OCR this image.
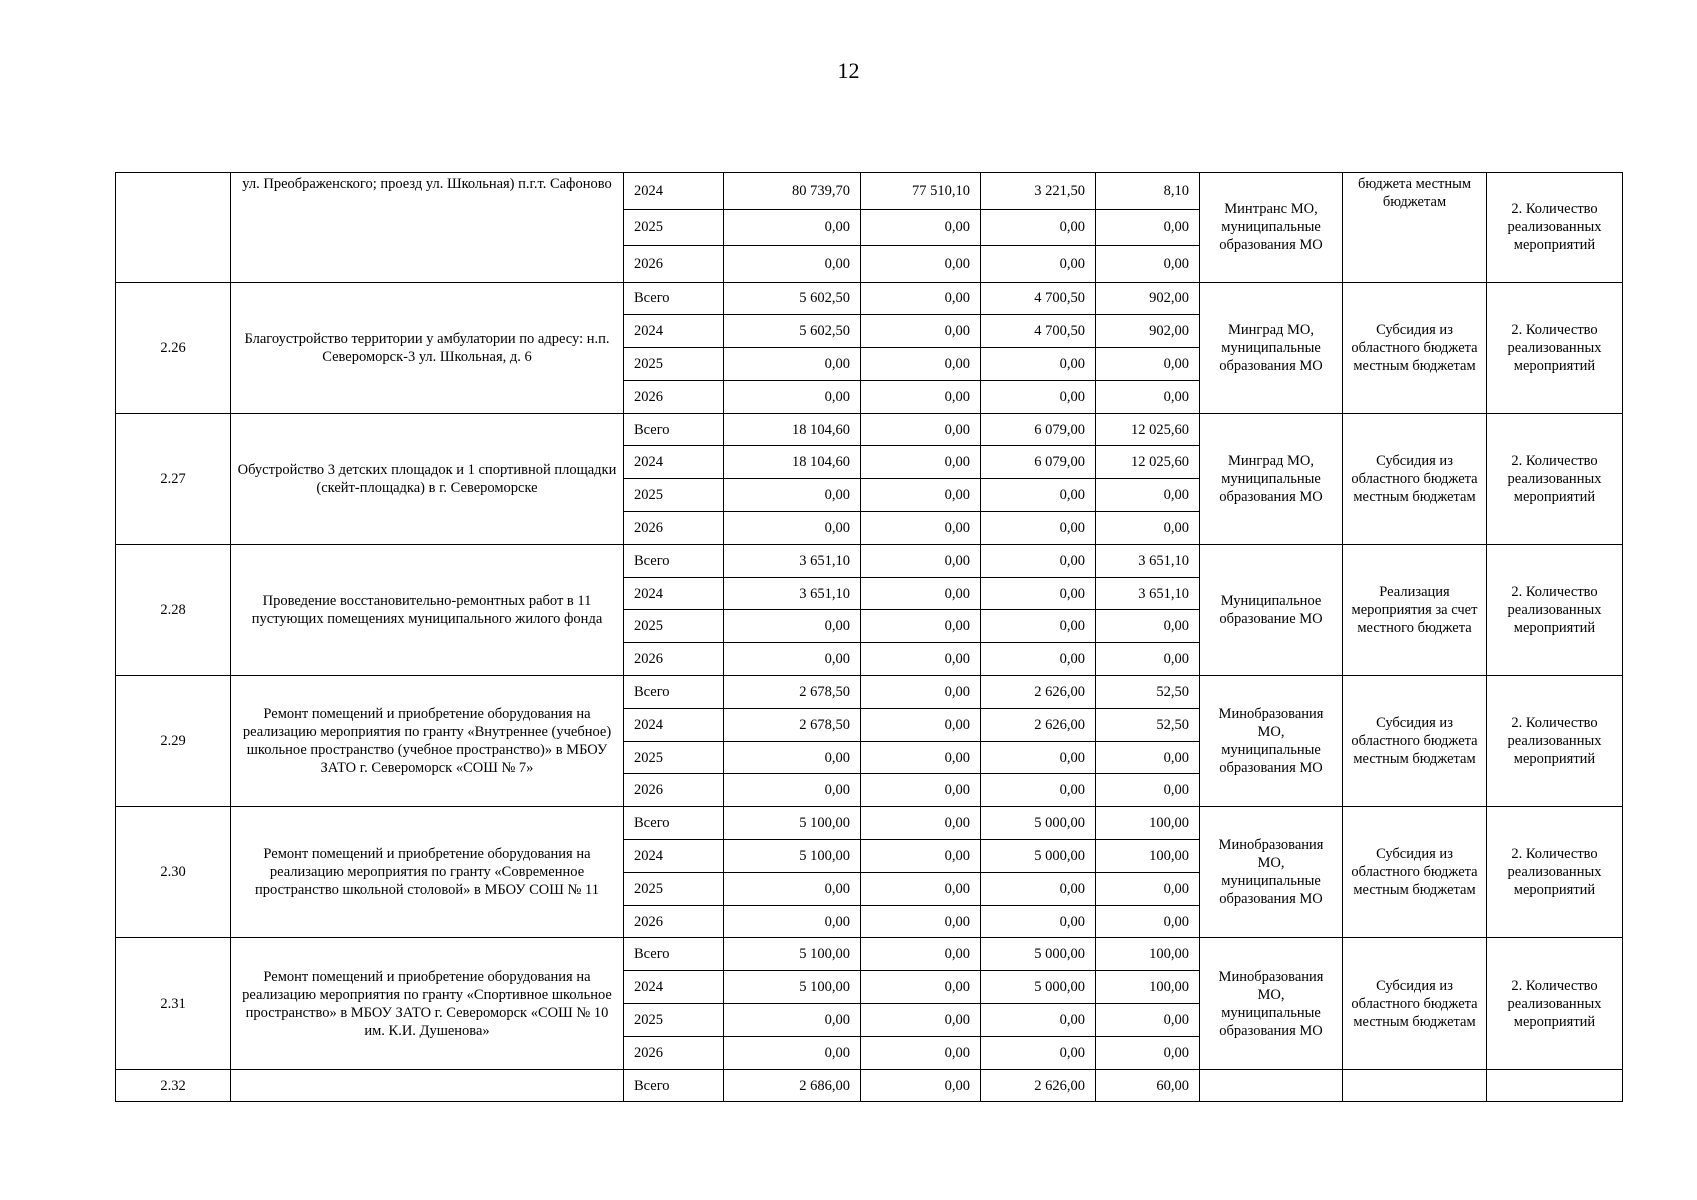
12
	ул. Преображенского; проезд ул. Школьная) п.г.т. Сафоново	2024	80 739,70	77 510,10	3 221,50	8,10	Минтранс МО, муниципальные образования МО	бюджета местным бюджетам	2. Количество реализованных мероприятий
		2025	0,00	0,00	0,00	0,00			
		2026	0,00	0,00	0,00	0,00			
2.26	Благоустройство территории у амбулатории по адресу: н.п. Североморск-3 ул. Школьная, д. 6	Всего	5 602,50	0,00	4 700,50	902,00	Минград МО, муниципальные образования МО	Субсидия из областного бюджета местным бюджетам	2. Количество реализованных мероприятий
		2024	5 602,50	0,00	4 700,50	902,00			
		2025	0,00	0,00	0,00	0,00			
		2026	0,00	0,00	0,00	0,00			
2.27	Обустройство 3 детских площадок и 1 спортивной площадки (скейт-площадка) в г. Североморске	Всего	18 104,60	0,00	6 079,00	12 025,60	Минград МО, муниципальные образования МО	Субсидия из областного бюджета местным бюджетам	2. Количество реализованных мероприятий
		2024	18 104,60	0,00	6 079,00	12 025,60			
		2025	0,00	0,00	0,00	0,00			
		2026	0,00	0,00	0,00	0,00			
2.28	Проведение восстановительно-ремонтных работ в 11 пустующих помещениях муниципального жилого фонда	Всего	3 651,10	0,00	0,00	3 651,10	Муниципальное образование МО	Реализация мероприятия за счет местного бюджета	2. Количество реализованных мероприятий
		2024	3 651,10	0,00	0,00	3 651,10			
		2025	0,00	0,00	0,00	0,00			
		2026	0,00	0,00	0,00	0,00			
2.29	Ремонт помещений и приобретение оборудования на реализацию мероприятия по гранту «Внутреннее (учебное) школьное пространство (учебное пространство)» в МБОУ ЗАТО г. Североморск «СОШ № 7»	Всего	2 678,50	0,00	2 626,00	52,50	Минобразования МО, муниципальные образования МО	Субсидия из областного бюджета местным бюджетам	2. Количество реализованных мероприятий
		2024	2 678,50	0,00	2 626,00	52,50			
		2025	0,00	0,00	0,00	0,00			
		2026	0,00	0,00	0,00	0,00			
2.30	Ремонт помещений и приобретение оборудования на реализацию мероприятия по гранту «Современное пространство школьной столовой» в МБОУ СОШ № 11	Всего	5 100,00	0,00	5 000,00	100,00	Минобразования МО, муниципальные образования МО	Субсидия из областного бюджета местным бюджетам	2. Количество реализованных мероприятий
		2024	5 100,00	0,00	5 000,00	100,00			
		2025	0,00	0,00	0,00	0,00			
		2026	0,00	0,00	0,00	0,00			
2.31	Ремонт помещений и приобретение оборудования на реализацию мероприятия по гранту «Спортивное школьное пространство» в МБОУ ЗАТО г. Североморск «СОШ № 10 им. К.И. Душенова»	Всего	5 100,00	0,00	5 000,00	100,00	Минобразования МО, муниципальные образования МО	Субсидия из областного бюджета местным бюджетам	2. Количество реализованных мероприятий
		2024	5 100,00	0,00	5 000,00	100,00			
		2025	0,00	0,00	0,00	0,00			
		2026	0,00	0,00	0,00	0,00			
2.32		Всего	2 686,00	0,00	2 626,00	60,00			
